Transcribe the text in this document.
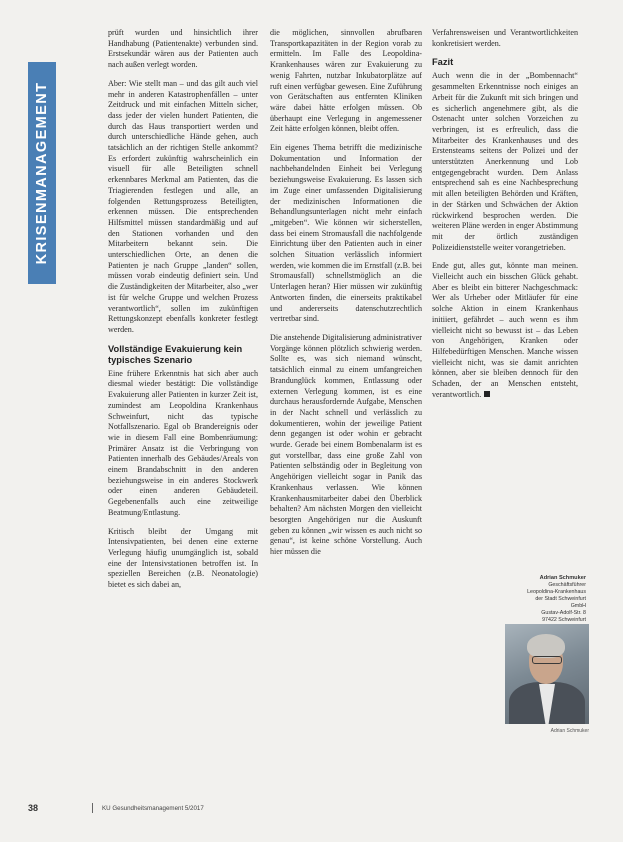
KRISENMANAGEMENT

prüft wurden und hinsichtlich ihrer Handhabung (Patientenakte) verbunden sind. Erstsekundär wären aus der Patienten auch nach außen verlegt worden.

Aber: Wie stellt man – und das gilt auch viel mehr in anderen Katastrophenfällen – unter Zeitdruck und mit einfachen Mitteln sicher, dass jeder der vielen hundert Patienten, die durch das Haus transportiert werden und durch unterschiedliche Hände gehen, auch tatsächlich an der richtigen Stelle ankommt? Es erfordert zukünftig wahrscheinlich ein visuell für alle Beteiligten schnell erkennbares Merkmal am Patienten, das die Triagierenden festlegen und alle, an folgenden Rettungsprozess Beteiligten, erkennen müssen. Die entsprechenden Hilfsmittel müssen standardmäßig und auf den Stationen vorhanden und den Mitarbeitern bekannt sein. Die unterschiedlichen Orte, an denen die Patienten je nach Gruppe „landen“ sollen, müssen vorab eindeutig definiert sein. Und die Zuständigkeiten der Mitarbeiter, also „wer ist für welche Gruppe und welchen Prozess verantwortlich“, sollen im zukünftigen Rettungskonzept ebenfalls konkreter festlegt werden.

Vollständige Evakuierung kein typisches Szenario

Eine frühere Erkenntnis hat sich aber auch diesmal wieder bestätigt: Die vollständige Evakuierung aller Patienten in kurzer Zeit ist, zumindest am Leopoldina Krankenhaus Schweinfurt, nicht das typische Notfallszenario. Egal ob Brandereignis oder wie in diesem Fall eine Bombenräumung: Primärer Ansatz ist die Verbringung von Patienten innerhalb des Gebäudes/Areals von einem Brandabschnitt in den anderen beziehungsweise in ein anderes Stockwerk oder einen anderen Gebäudeteil. Gegebenenfalls auch eine zeitweilige Beatmung/Entlastung.

Kritisch bleibt der Umgang mit Intensivpatienten, bei denen eine externe Verlegung häufig unumgänglich ist, sobald eine der Intensivstationen betroffen ist. In speziellen Bereichen (z.B. Neonatologie) bietet es sich dabei an,

die möglichen, sinnvollen abrufbaren Transportkapazitäten in der Region vorab zu ermitteln. Im Falle des Leopoldina-Krankenhauses wären zur Evakuierung zu wenig Fahrten, nutzbar Inkubatorplätze auf ruft einen verfügbar gewesen. Eine Zuführung von Gerätschaften aus entfernten Kliniken wäre dabei hätte erfolgen müssen. Ob überhaupt eine Verlegung in angemessener Zeit hätte erfolgen können, bleibt offen.

Ein eigenes Thema betrifft die medizinische Dokumentation und Information der nachbehandelnden Einheit bei Verlegung beziehungsweise Evakuierung. Es lassen sich im Zuge einer umfassenden Digitalisierung der medizinischen Informationen die Behandlungsunterlagen nicht mehr einfach „mitgeben“. Wie können wir sicherstellen, dass bei einem Stromausfall die nachfolgende Einrichtung über den Patienten auch in einer solchen Situation verlässlich informiert werden, wie kommen die im Ernstfall (z.B. bei Stromausfall) schnellstmöglich an die Unterlagen heran? Hier müssen wir zukünftig Antworten finden, die einerseits praktikabel und andererseits datenschutzrechtlich vertretbar sind.

Die anstehende Digitalisierung administrativer Vorgänge können plötzlich schwierig werden. Sollte es, was sich niemand wünscht, tatsächlich einmal zu einem umfangreichen Brandunglück kommen, Entlassung oder externen Verlegung kommen, ist es eine durchaus herausfordernde Aufgabe, Menschen in der Nacht schnell und verlässlich zu dokumentieren, wohin der jeweilige Patient denn gegangen ist oder wohin er gebracht wurde. Gerade bei einem Bombenalarm ist es gut vorstellbar, dass eine große Zahl von Patienten selbständig oder in Begleitung von Angehörigen vielleicht sogar in Panik das Krankenhaus verlassen. Wie können Krankenhausmitarbeiter dabei den Überblick behalten? Am nächsten Morgen den vielleicht besorgten Angehörigen nur die Auskunft geben zu können „wir wissen es auch nicht so genau“, ist keine schöne Vorstellung. Auch hier müssen die

Verfahrensweisen und Verantwortlichkeiten konkretisiert werden.

Fazit

Auch wenn die in der „Bombennacht“ gesammelten Erkenntnisse noch einiges an Arbeit für die Zukunft mit sich bringen und es sicherlich angenehmere gibt, als die Ostenacht unter solchen Vorzeichen zu verbringen, ist es erfreulich, dass die Mitarbeiter des Krankenhauses und des Erstensteams seitens der Polizei und der unterstützten Anerkennung und Lob entgegengebracht wurden. Dem Anlass entsprechend sah es eine Nachbesprechung mit allen beteiligten Behörden und Kräften, in der Stärken und Schwächen der Aktion rückwirkend besprochen werden. Die weiteren Pläne werden in enger Abstimmung mit der örtlich zuständigen Polizeidienststelle weiter vorangetrieben.

Ende gut, alles gut, könnte man meinen. Vielleicht auch ein bisschen Glück gehabt. Aber es bleibt ein bitterer Nachgeschmack: Wer als Urheber oder Mitläufer für eine solche Aktion in einem Krankenhaus initiiert, gefährdet – auch wenn es ihm vielleicht nicht so bewusst ist – das Leben von Angehörigen, Kranken oder Hilfebedürftigen Menschen. Manche wissen vielleicht nicht, was sie damit anrichten können, aber sie bleiben dennoch für den Schaden, der an Menschen entsteht, verantwortlich.

Adrian Schmuker
Geschäftsführer
Leopoldina-Krankenhaus
der Stadt Schweinfurt GmbH
Gustav-Adolf-Str. 8
97422 Schweinfurt
Adrian Schmuker
38	KU Gesundheitsmanagement 5/2017
